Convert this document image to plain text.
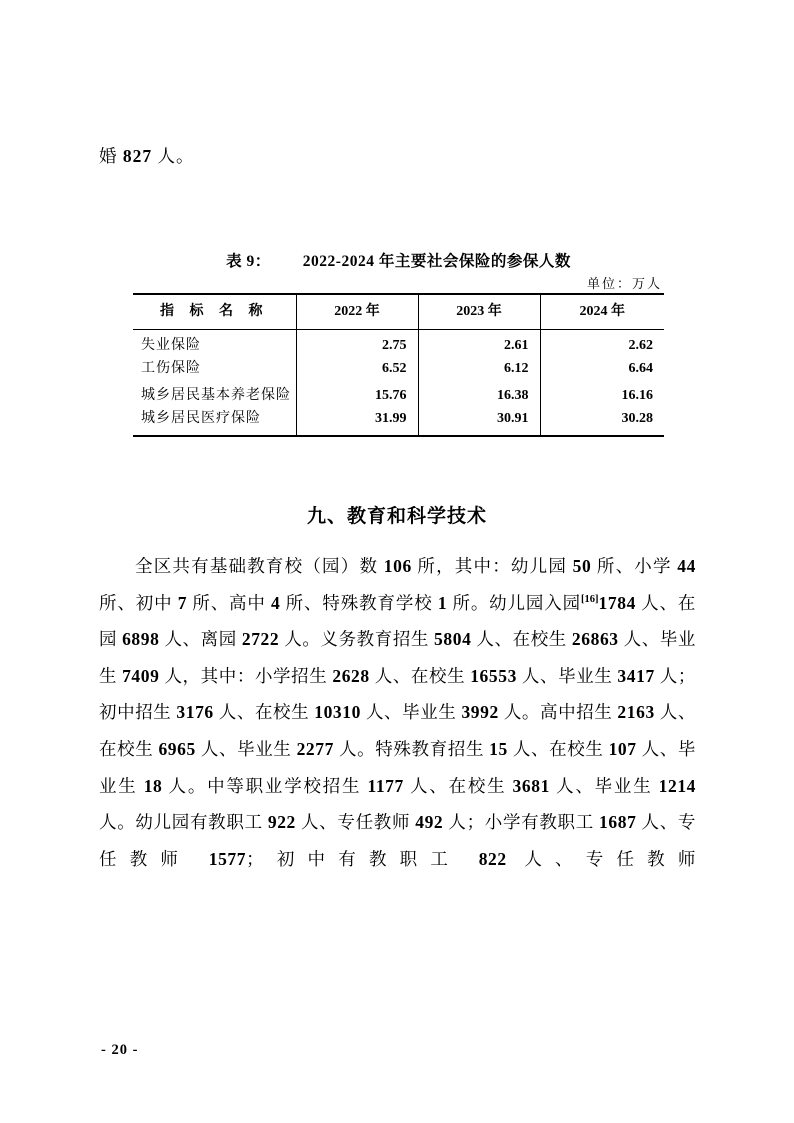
婚 827 人。
表 9： 2022-2024 年主要社会保险的参保人数
单位：万人
指 标 名 称	2022 年	2023 年	2024 年
失业保险	2.75	2.61	2.62
工伤保险	6.52	6.12	6.64
城乡居民基本养老保险	15.76	16.38	16.16
城乡居民医疗保险	31.99	30.91	30.28
九、教育和科学技术
全区共有基础教育校（园）数 106 所，其中：幼儿园 50 所、小学 44 所、初中 7 所、高中 4 所、特殊教育学校 1 所。幼儿园入园[16]1784 人、在园 6898 人、离园 2722 人。义务教育招生 5804 人、在校生 26863 人、毕业生 7409 人，其中：小学招生 2628 人、在校生 16553 人、毕业生 3417 人；初中招生 3176 人、在校生 10310 人、毕业生 3992 人。高中招生 2163 人、在校生 6965 人、毕业生 2277 人。特殊教育招生 15 人、在校生 107 人、毕业生 18 人。中等职业学校招生 1177 人、在校生 3681 人、毕业生 1214 人。幼儿园有教职工 922 人、专任教师 492 人；小学有教职工 1687 人、专任教师 1577；初中有教职工 822 人、专任教师
- 20 -
